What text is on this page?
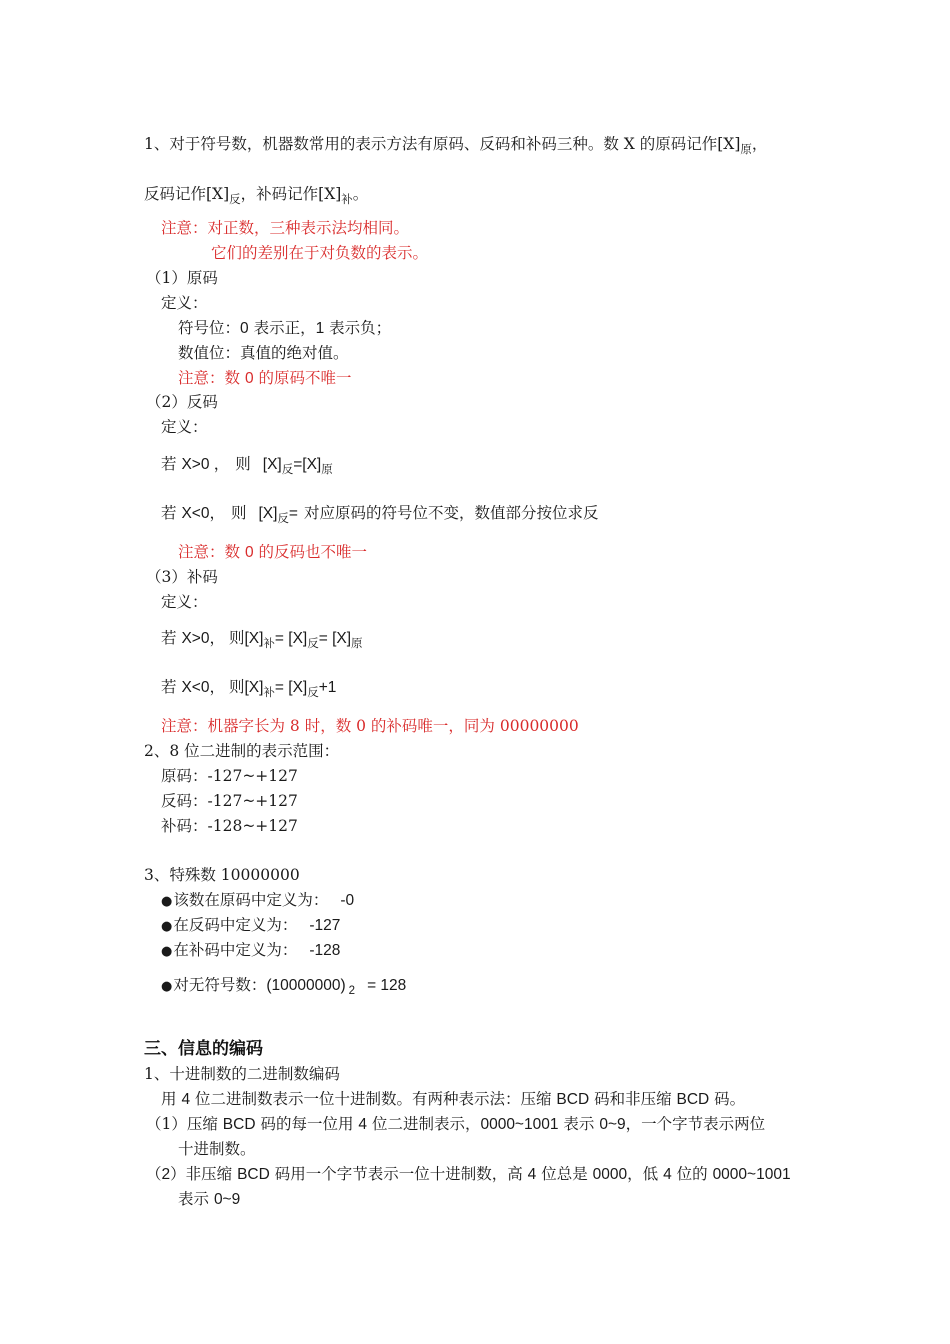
1、对于符号数，机器数常用的表示方法有原码、反码和补码三种。数 X 的原码记作$[X]_原$，
反码记作$[X]_反$，补码记作$[X]_补$。
注意：对正数，三种表示法均相同。
它们的差别在于对负数的表示。
（1）原码
定义：
符号位：0 表示正，1 表示负；
数值位：真值的绝对值。
注意：数 0 的原码不唯一
（2）反码
定义：
若 X>0 ， 则 $[X]_反=[X]_原$
若 X<0， 则 $[X]_反=$ 对应原码的符号位不变，数值部分按位求反
注意：数 0 的反码也不唯一
（3）补码
定义：
若 X>0， 则$[X]_补= [X]_反= [X]_原$
若 X<0， 则$[X]_补= [X]_反+1$
注意：机器字长为 8 时，数 0 的补码唯一，同为 00000000
2、8 位二进制的表示范围：
原码：-127~+127
反码：-127~+127
补码：-128~+127
3、特殊数 10000000
●该数在原码中定义为： -0
●在反码中定义为： -127
●在补码中定义为： -128
●对无符号数：(10000000) $_2$ = 128
三、信息的编码
1、十进制数的二进制数编码
用 4 位二进制数表示一位十进制数。有两种表示法：压缩 BCD 码和非压缩 BCD 码。
（1）压缩 BCD 码的每一位用 4 位二进制表示，0000~1001 表示 0~9，一个字节表示两位
十进制数。
（2）非压缩 BCD 码用一个字节表示一位十进制数，高 4 位总是 0000，低 4 位的 0000~1001
表示 0~9
